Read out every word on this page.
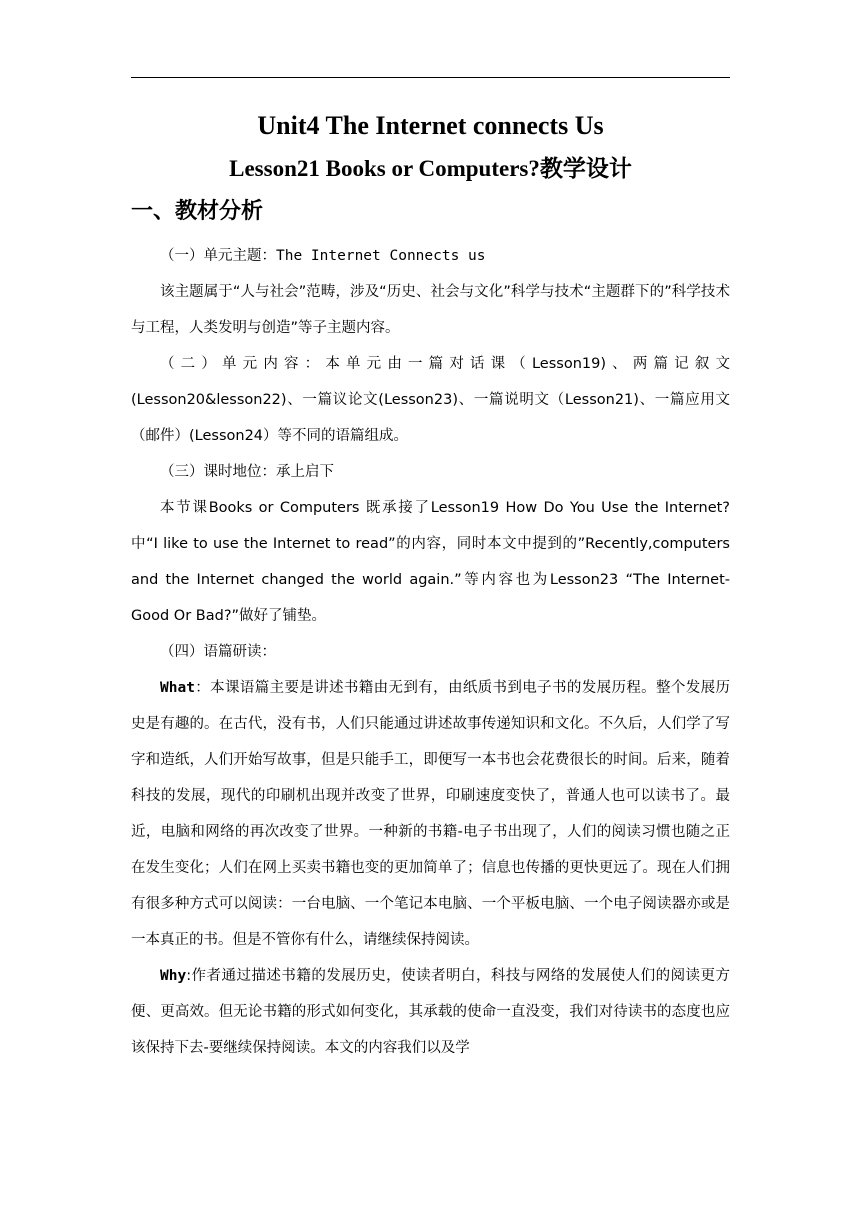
Unit4 The Internet connects Us
Lesson21 Books or Computers?教学设计
一、教材分析

（一）单元主题：The Internet Connects us

该主题属于“人与社会”范畴，涉及“历史、社会与文化”科学与技术“主题群下的”科学技术与工程，人类发明与创造”等子主题内容。

（二）单元内容：本单元由一篇对话课（Lesson19)、两篇记叙文(Lesson20&lesson22)、一篇议论文(Lesson23)、一篇说明文（Lesson21)、一篇应用文（邮件）(Lesson24）等不同的语篇组成。

（三）课时地位：承上启下

本节课Books or Computers 既承接了Lesson19 How Do You Use the Internet? 中“I like to use the Internet to read”的内容，同时本文中提到的”Recently,computers and the Internet changed the world again.”等内容也为Lesson23 “The Internet-Good Or Bad?”做好了铺垫。

（四）语篇研读：

What：本课语篇主要是讲述书籍由无到有，由纸质书到电子书的发展历程。整个发展历史是有趣的。在古代，没有书，人们只能通过讲述故事传递知识和文化。不久后，人们学了写字和造纸，人们开始写故事，但是只能手工，即便写一本书也会花费很长的时间。后来，随着科技的发展，现代的印刷机出现并改变了世界，印刷速度变快了，普通人也可以读书了。最近，电脑和网络的再次改变了世界。一种新的书籍-电子书出现了，人们的阅读习惯也随之正在发生变化；人们在网上买卖书籍也变的更加简单了；信息也传播的更快更远了。现在人们拥有很多种方式可以阅读：一台电脑、一个笔记本电脑、一个平板电脑、一个电子阅读器亦或是一本真正的书。但是不管你有什么，请继续保持阅读。

Why:作者通过描述书籍的发展历史，使读者明白，科技与网络的发展使人们的阅读更方便、更高效。但无论书籍的形式如何变化，其承载的使命一直没变，我们对待读书的态度也应该保持下去-要继续保持阅读。本文的内容我们以及学
